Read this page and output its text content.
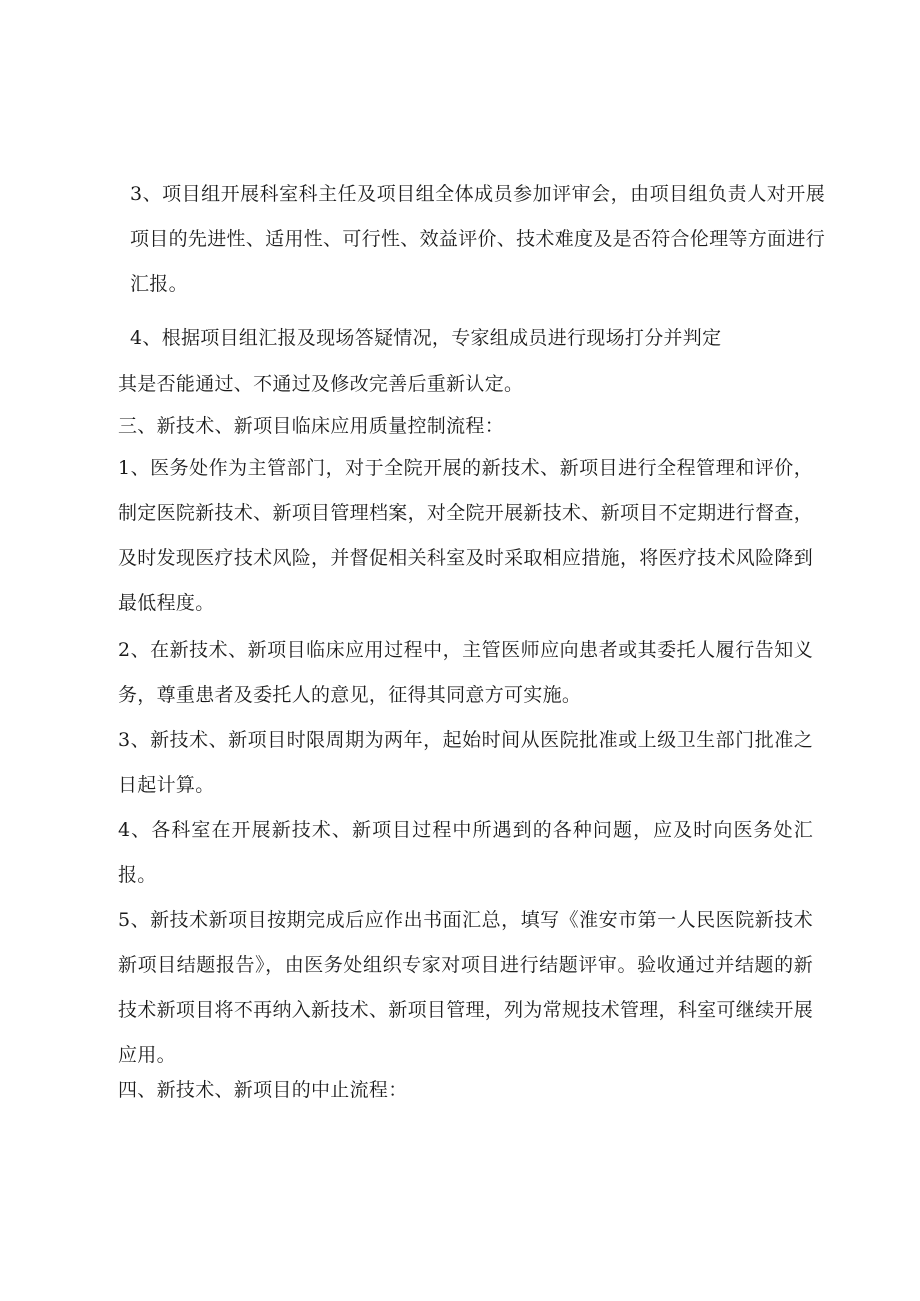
3、项目组开展科室科主任及项目组全体成员参加评审会，由项目组负责人对开展项目的先进性、适用性、可行性、效益评价、技术难度及是否符合伦理等方面进行汇报。

4、根据项目组汇报及现场答疑情况，专家组成员进行现场打分并判定

其是否能通过、不通过及修改完善后重新认定。

三、新技术、新项目临床应用质量控制流程：

1、医务处作为主管部门，对于全院开展的新技术、新项目进行全程管理和评价，制定医院新技术、新项目管理档案，对全院开展新技术、新项目不定期进行督查，及时发现医疗技术风险，并督促相关科室及时采取相应措施，将医疗技术风险降到最低程度。

2、在新技术、新项目临床应用过程中，主管医师应向患者或其委托人履行告知义务，尊重患者及委托人的意见，征得其同意方可实施。

3、新技术、新项目时限周期为两年，起始时间从医院批准或上级卫生部门批准之日起计算。

4、各科室在开展新技术、新项目过程中所遇到的各种问题，应及时向医务处汇报。

5、新技术新项目按期完成后应作出书面汇总，填写《淮安市第一人民医院新技术新项目结题报告》，由医务处组织专家对项目进行结题评审。验收通过并结题的新技术新项目将不再纳入新技术、新项目管理，列为常规技术管理，科室可继续开展应用。

四、新技术、新项目的中止流程：
